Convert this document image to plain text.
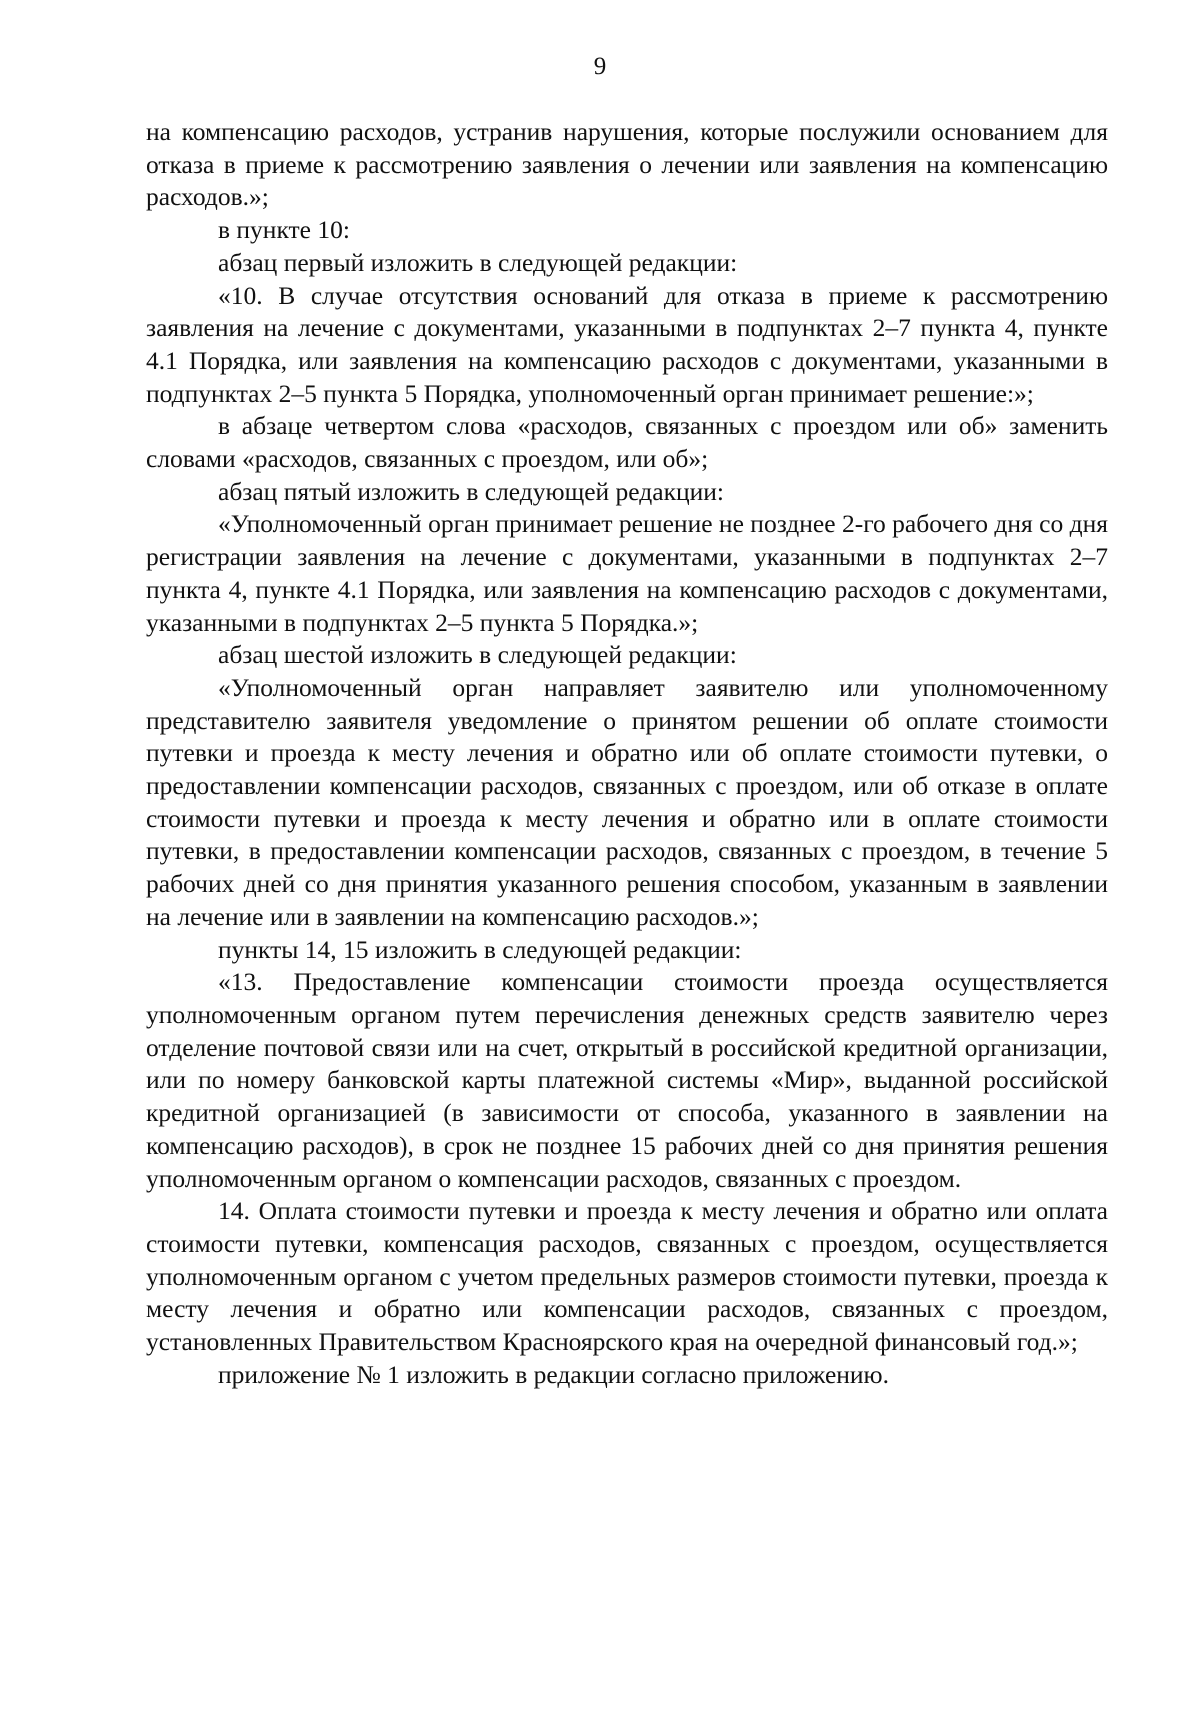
9

на компенсацию расходов, устранив нарушения, которые послужили основанием для отказа в приеме к рассмотрению заявления о лечении или заявления на компенсацию расходов.»;

в пункте 10:

абзац первый изложить в следующей редакции:

«10. В случае отсутствия оснований для отказа в приеме к рассмотрению заявления на лечение с документами, указанными в подпунктах 2–7 пункта 4, пункте 4.1 Порядка, или заявления на компенсацию расходов с документами, указанными в подпунктах 2–5 пункта 5 Порядка, уполномоченный орган принимает решение:»;

в абзаце четвертом слова «расходов, связанных с проездом или об» заменить словами «расходов, связанных с проездом, или об»;

абзац пятый изложить в следующей редакции:

«Уполномоченный орган принимает решение не позднее 2-го рабочего дня со дня регистрации заявления на лечение с документами, указанными в подпунктах 2–7 пункта 4, пункте 4.1 Порядка, или заявления на компенсацию расходов с документами, указанными в подпунктах 2–5 пункта 5 Порядка.»;

абзац шестой изложить в следующей редакции:

«Уполномоченный орган направляет заявителю или уполномоченному представителю заявителя уведомление о принятом решении об оплате стоимости путевки и проезда к месту лечения и обратно или об оплате стоимости путевки, о предоставлении компенсации расходов, связанных с проездом, или об отказе в оплате стоимости путевки и проезда к месту лечения и обратно или в оплате стоимости путевки, в предоставлении компенсации расходов, связанных с проездом, в течение 5 рабочих дней со дня принятия указанного решения способом, указанным в заявлении на лечение или в заявлении на компенсацию расходов.»;

пункты 14, 15 изложить в следующей редакции:

«13. Предоставление компенсации стоимости проезда осуществляется уполномоченным органом путем перечисления денежных средств заявителю через отделение почтовой связи или на счет, открытый в российской кредитной организации, или по номеру банковской карты платежной системы «Мир», выданной российской кредитной организацией (в зависимости от способа, указанного в заявлении на компенсацию расходов), в срок не позднее 15 рабочих дней со дня принятия решения уполномоченным органом о компенсации расходов, связанных с проездом.

14. Оплата стоимости путевки и проезда к месту лечения и обратно или оплата стоимости путевки, компенсация расходов, связанных с проездом, осуществляется уполномоченным органом с учетом предельных размеров стоимости путевки, проезда к месту лечения и обратно или компенсации расходов, связанных с проездом, установленных Правительством Красноярского края на очередной финансовый год.»;

приложение № 1 изложить в редакции согласно приложению.
